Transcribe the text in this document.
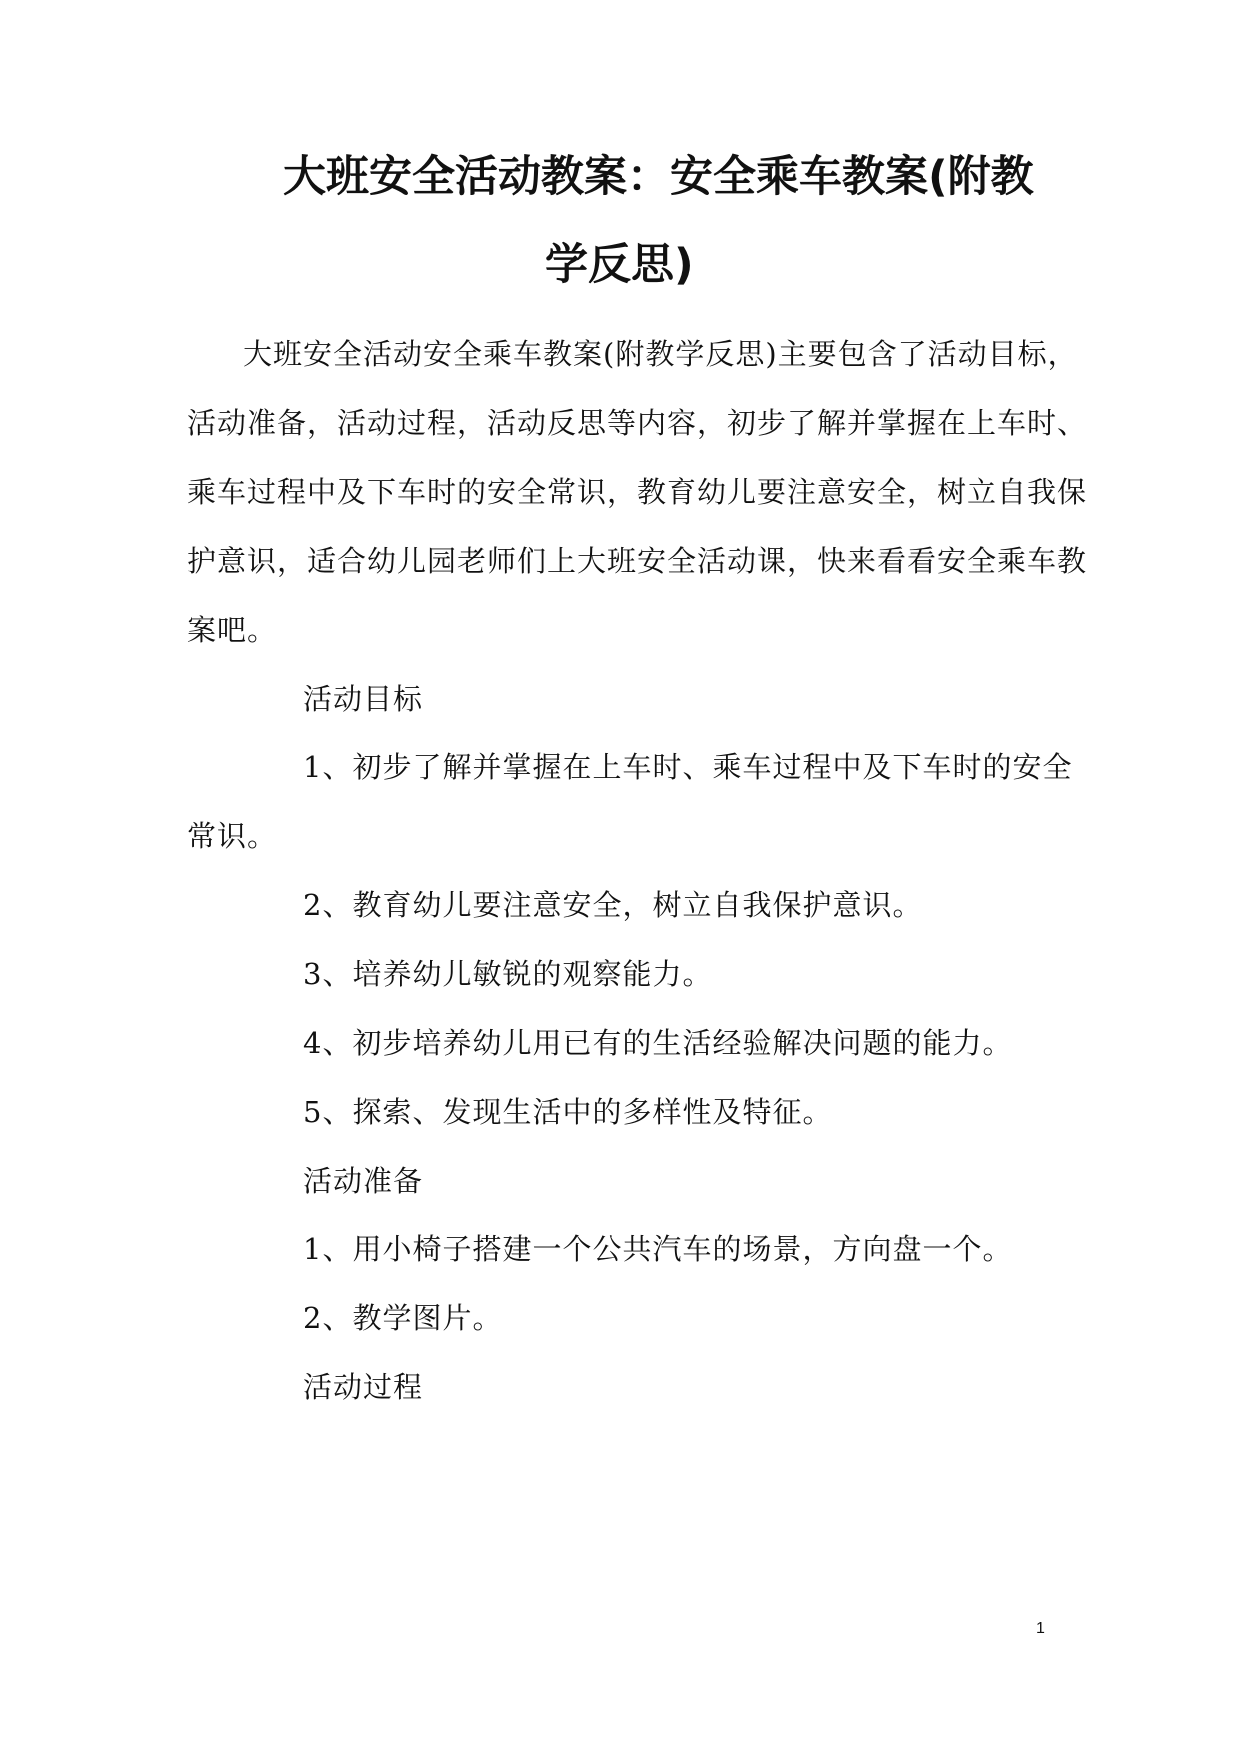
大班安全活动教案：安全乘车教案(附教
学反思)

大班安全活动安全乘车教案(附教学反思)主要包含了活动目标，

活动准备，活动过程，活动反思等内容，初步了解并掌握在上车时、

乘车过程中及下车时的安全常识，教育幼儿要注意安全，树立自我保

护意识，适合幼儿园老师们上大班安全活动课，快来看看安全乘车教

案吧。

活动目标

1、初步了解并掌握在上车时、乘车过程中及下车时的安全

常识。

2、教育幼儿要注意安全，树立自我保护意识。

3、培养幼儿敏锐的观察能力。

4、初步培养幼儿用已有的生活经验解决问题的能力。

5、探索、发现生活中的多样性及特征。

活动准备

1、用小椅子搭建一个公共汽车的场景，方向盘一个。

2、教学图片。

活动过程

1
